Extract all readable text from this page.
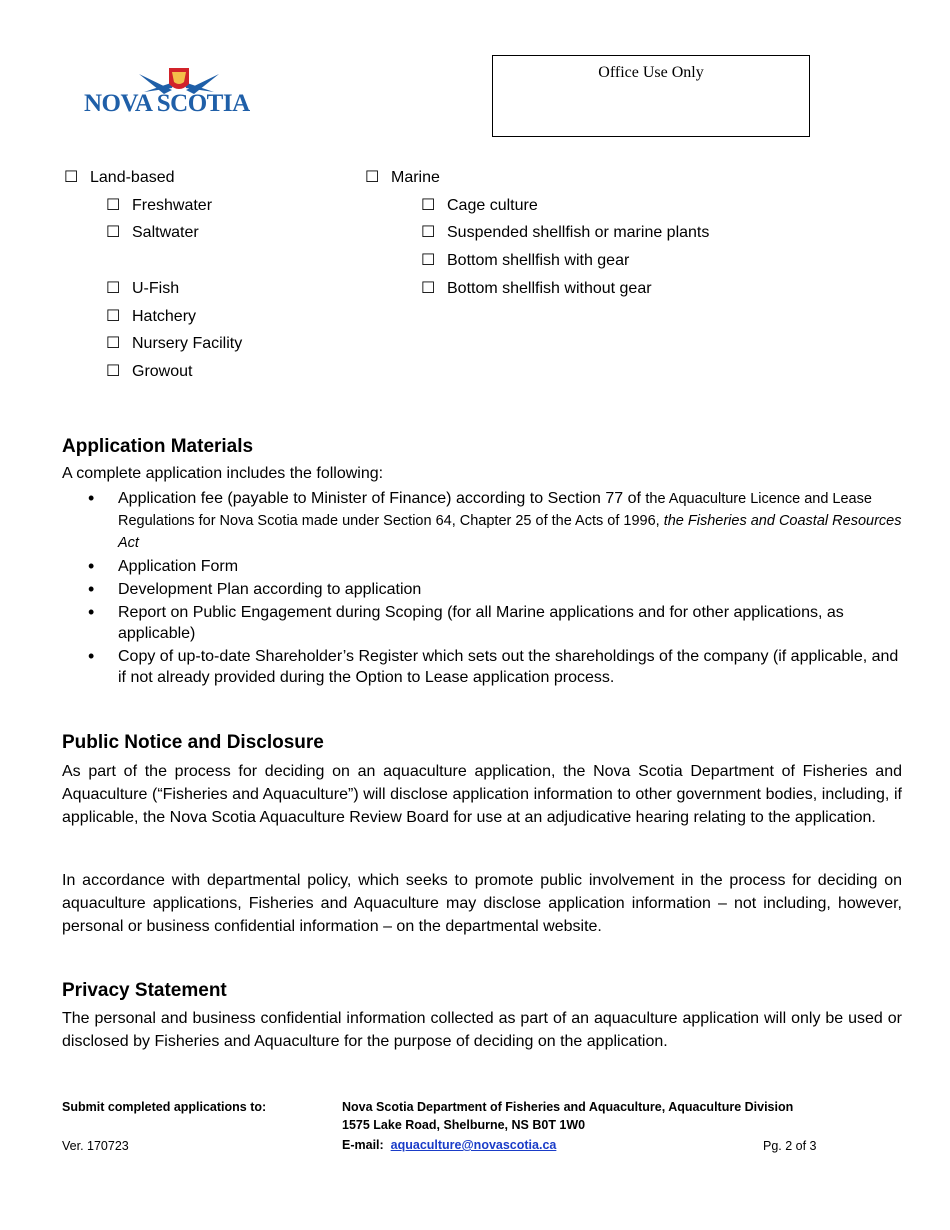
NOVA SCOTIA
Office Use Only
☐ Land-based
☐ Freshwater
☐ Saltwater
☐ Marine
☐ Cage culture
☐ Suspended shellfish or marine plants
☐ Bottom shellfish with gear
☐ Bottom shellfish without gear
☐ U-Fish
☐ Hatchery
☐ Nursery Facility
☐ Growout
Application Materials
A complete application includes the following:
• Application fee (payable to Minister of Finance) according to Section 77 of the Aquaculture Licence and Lease Regulations for Nova Scotia made under Section 64, Chapter 25 of the Acts of 1996, the Fisheries and Coastal Resources Act
• Application Form
• Development Plan according to application
• Report on Public Engagement during Scoping (for all Marine applications and for other applications, as applicable)
• Copy of up-to-date Shareholder’s Register which sets out the shareholdings of the company (if applicable, and if not already provided during the Option to Lease application process.
Public Notice and Disclosure

As part of the process for deciding on an aquaculture application, the Nova Scotia Department of Fisheries and Aquaculture (“Fisheries and Aquaculture”) will disclose application information to other government bodies, including, if applicable, the Nova Scotia Aquaculture Review Board for use at an adjudicative hearing relating to the application.

In accordance with departmental policy, which seeks to promote public involvement in the process for deciding on aquaculture applications, Fisheries and Aquaculture may disclose application information – not including, however, personal or business confidential information – on the departmental website.

Privacy Statement

The personal and business confidential information collected as part of an aquaculture application will only be used or disclosed by Fisheries and Aquaculture for the purpose of deciding on the application.

Submit completed applications to:	Nova Scotia Department of Fisheries and Aquaculture, Aquaculture Division
1575 Lake Road, Shelburne, NS B0T 1W0
Ver. 170723	E-mail: aquaculture@novascotia.ca	Pg. 2 of 3
